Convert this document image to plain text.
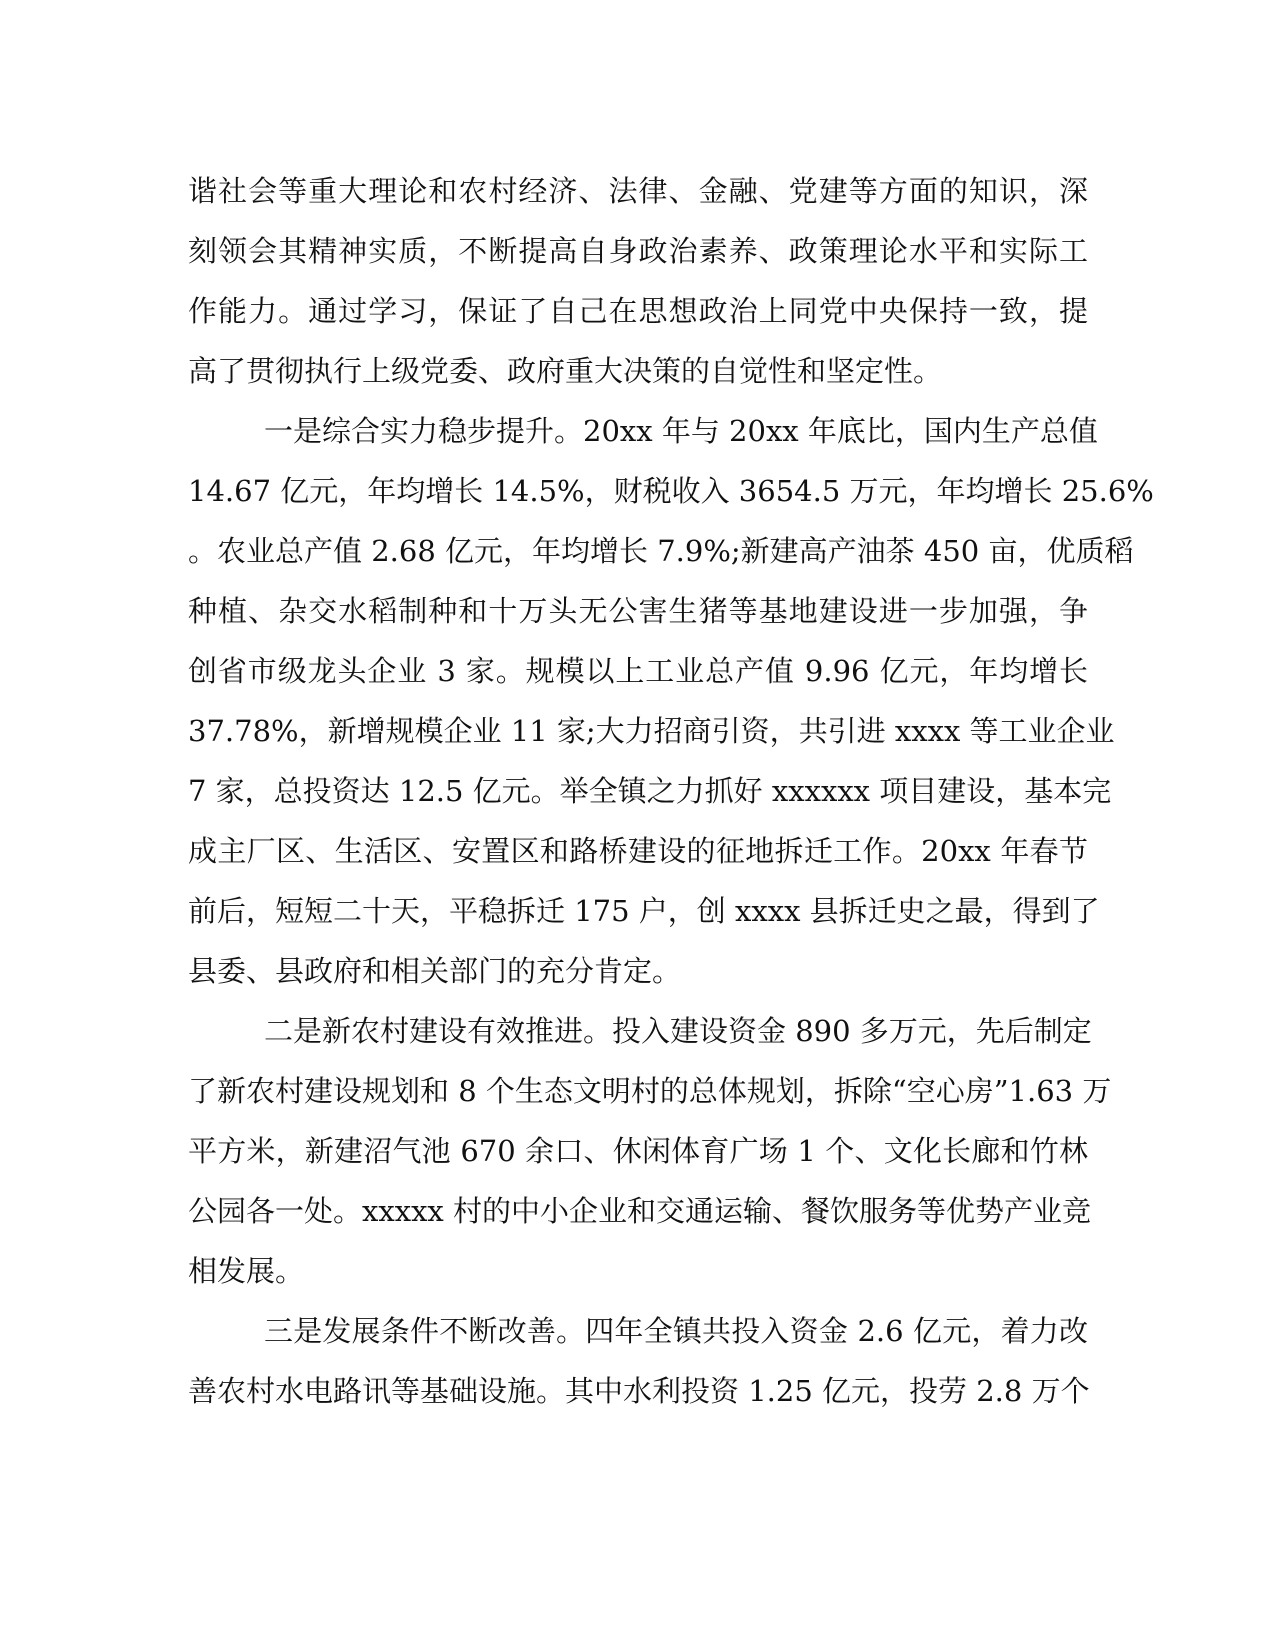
谐社会等重大理论和农村经济、法律、金融、党建等方面的知识，深
刻领会其精神实质，不断提高自身政治素养、政策理论水平和实际工
作能力。通过学习，保证了自己在思想政治上同党中央保持一致，提
高了贯彻执行上级党委、政府重大决策的自觉性和坚定性。
一是综合实力稳步提升。20xx 年与 20xx 年底比，国内生产总值
14.67 亿元，年均增长 14.5%，财税收入 3654.5 万元，年均增长 25.6%
。农业总产值 2.68 亿元，年均增长 7.9%;新建高产油茶 450 亩，优质稻
种植、杂交水稻制种和十万头无公害生猪等基地建设进一步加强，争
创省市级龙头企业 3 家。规模以上工业总产值 9.96 亿元，年均增长
37.78%，新增规模企业 11 家;大力招商引资，共引进 xxxx 等工业企业
7 家，总投资达 12.5 亿元。举全镇之力抓好 xxxxxx 项目建设，基本完
成主厂区、生活区、安置区和路桥建设的征地拆迁工作。20xx 年春节
前后，短短二十天，平稳拆迁 175 户，创 xxxx 县拆迁史之最，得到了
县委、县政府和相关部门的充分肯定。
二是新农村建设有效推进。投入建设资金 890 多万元，先后制定
了新农村建设规划和 8 个生态文明村的总体规划，拆除“空心房”1.63 万
平方米，新建沼气池 670 余口、休闲体育广场 1 个、文化长廊和竹林
公园各一处。xxxxx 村的中小企业和交通运输、餐饮服务等优势产业竞
相发展。
三是发展条件不断改善。四年全镇共投入资金 2.6 亿元，着力改
善农村水电路讯等基础设施。其中水利投资 1.25 亿元，投劳 2.8 万个
